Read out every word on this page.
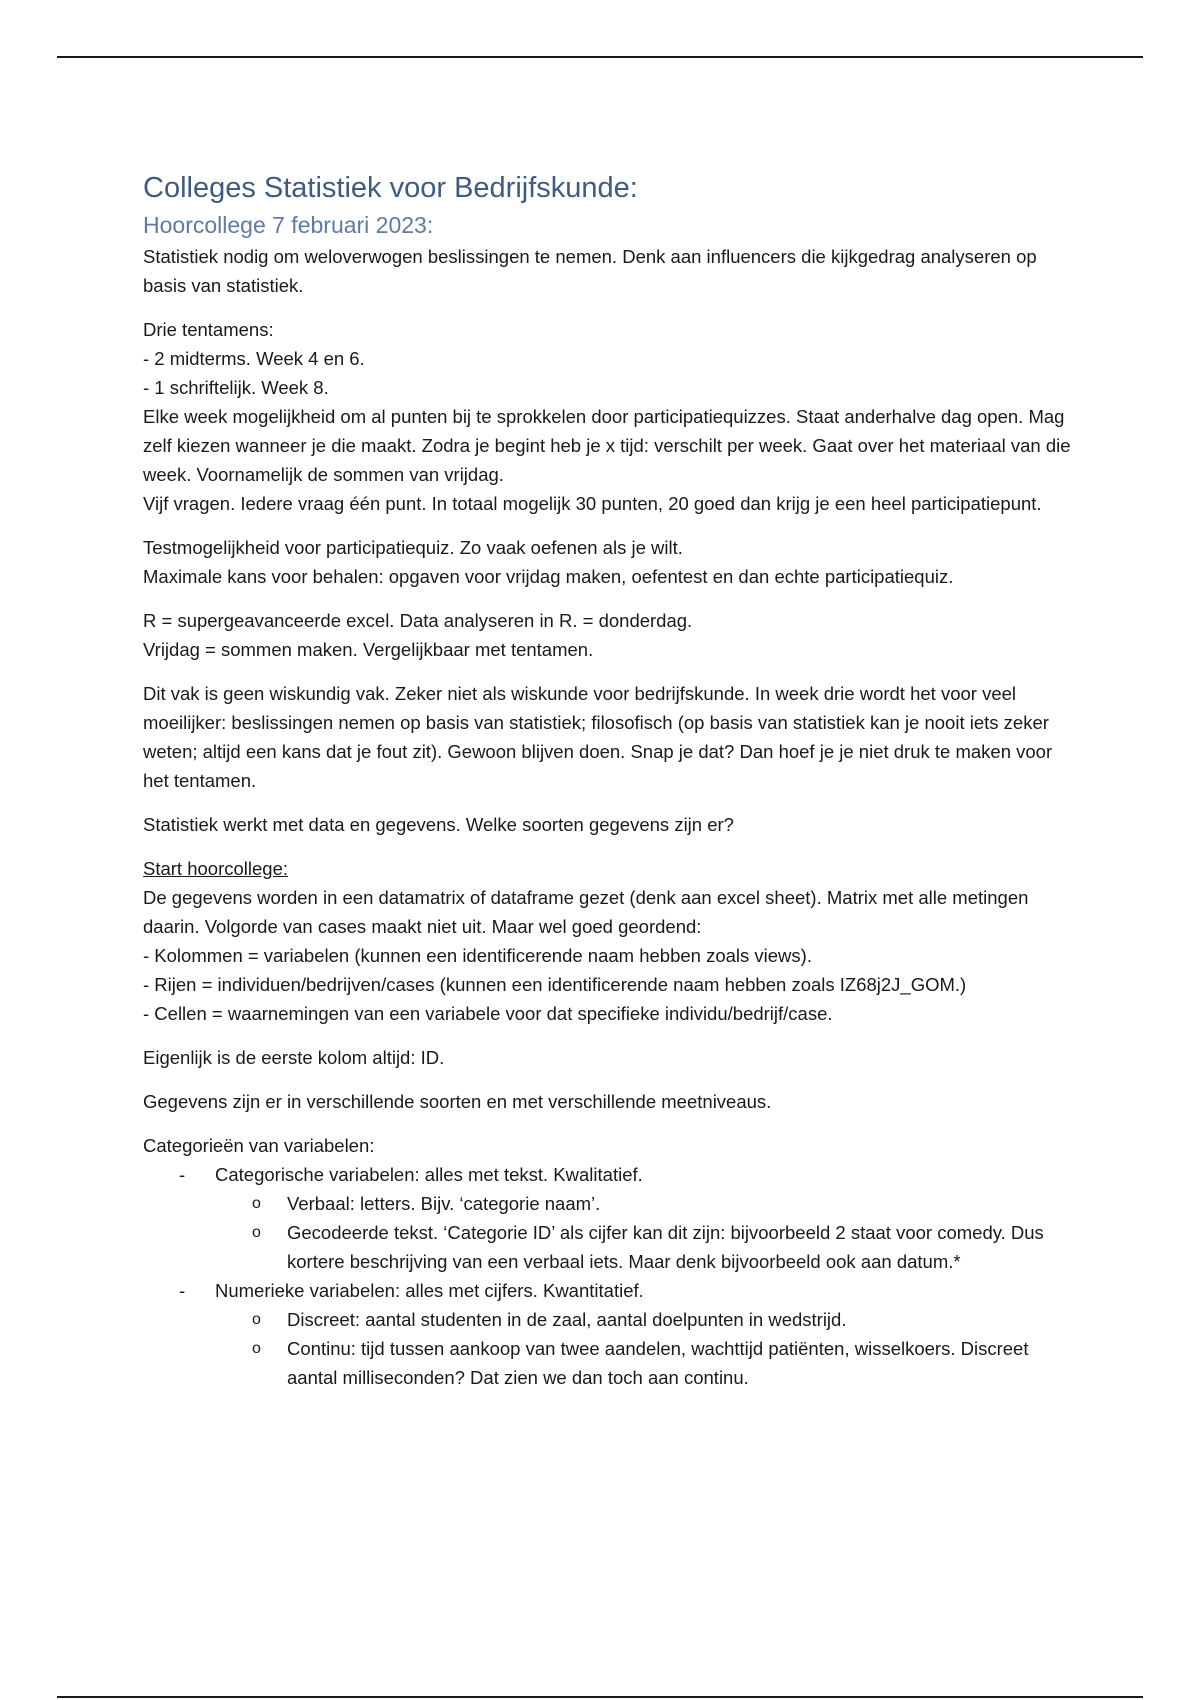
Colleges Statistiek voor Bedrijfskunde:
Hoorcollege 7 februari 2023:

Statistiek nodig om weloverwogen beslissingen te nemen. Denk aan influencers die kijkgedrag analyseren op basis van statistiek.

Drie tentamens:
- 2 midterms. Week 4 en 6.
- 1 schriftelijk. Week 8.
Elke week mogelijkheid om al punten bij te sprokkelen door participatiequizzes. Staat anderhalve dag open. Mag zelf kiezen wanneer je die maakt. Zodra je begint heb je x tijd: verschilt per week. Gaat over het materiaal van die week. Voornamelijk de sommen van vrijdag.
Vijf vragen. Iedere vraag één punt. In totaal mogelijk 30 punten, 20 goed dan krijg je een heel participatiepunt.

Testmogelijkheid voor participatiequiz. Zo vaak oefenen als je wilt.
Maximale kans voor behalen: opgaven voor vrijdag maken, oefentest en dan echte participatiequiz.

R = supergeavanceerde excel. Data analyseren in R. = donderdag.
Vrijdag = sommen maken. Vergelijkbaar met tentamen.

Dit vak is geen wiskundig vak. Zeker niet als wiskunde voor bedrijfskunde. In week drie wordt het voor veel moeilijker: beslissingen nemen op basis van statistiek; filosofisch (op basis van statistiek kan je nooit iets zeker weten; altijd een kans dat je fout zit). Gewoon blijven doen. Snap je dat? Dan hoef je je niet druk te maken voor het tentamen.

Statistiek werkt met data en gegevens. Welke soorten gegevens zijn er?

Start hoorcollege:
De gegevens worden in een datamatrix of dataframe gezet (denk aan excel sheet). Matrix met alle metingen daarin. Volgorde van cases maakt niet uit. Maar wel goed geordend:
- Kolommen = variabelen (kunnen een identificerende naam hebben zoals views).
- Rijen = individuen/bedrijven/cases (kunnen een identificerende naam hebben zoals IZ68j2J_GOM.)
- Cellen = waarnemingen van een variabele voor dat specifieke individu/bedrijf/case.

Eigenlijk is de eerste kolom altijd: ID.

Gegevens zijn er in verschillende soorten en met verschillende meetniveaus.

Categorieën van variabelen:
- Categorische variabelen: alles met tekst. Kwalitatief.
o Verbaal: letters. Bijv. ‘categorie naam’.
o Gecodeerde tekst. ‘Categorie ID’ als cijfer kan dit zijn: bijvoorbeeld 2 staat voor comedy. Dus kortere beschrijving van een verbaal iets. Maar denk bijvoorbeeld ook aan datum.*
- Numerieke variabelen: alles met cijfers. Kwantitatief.
o Discreet: aantal studenten in de zaal, aantal doelpunten in wedstrijd.
o Continu: tijd tussen aankoop van twee aandelen, wachttijd patiënten, wisselkoers. Discreet aantal milliseconden? Dat zien we dan toch aan continu.
